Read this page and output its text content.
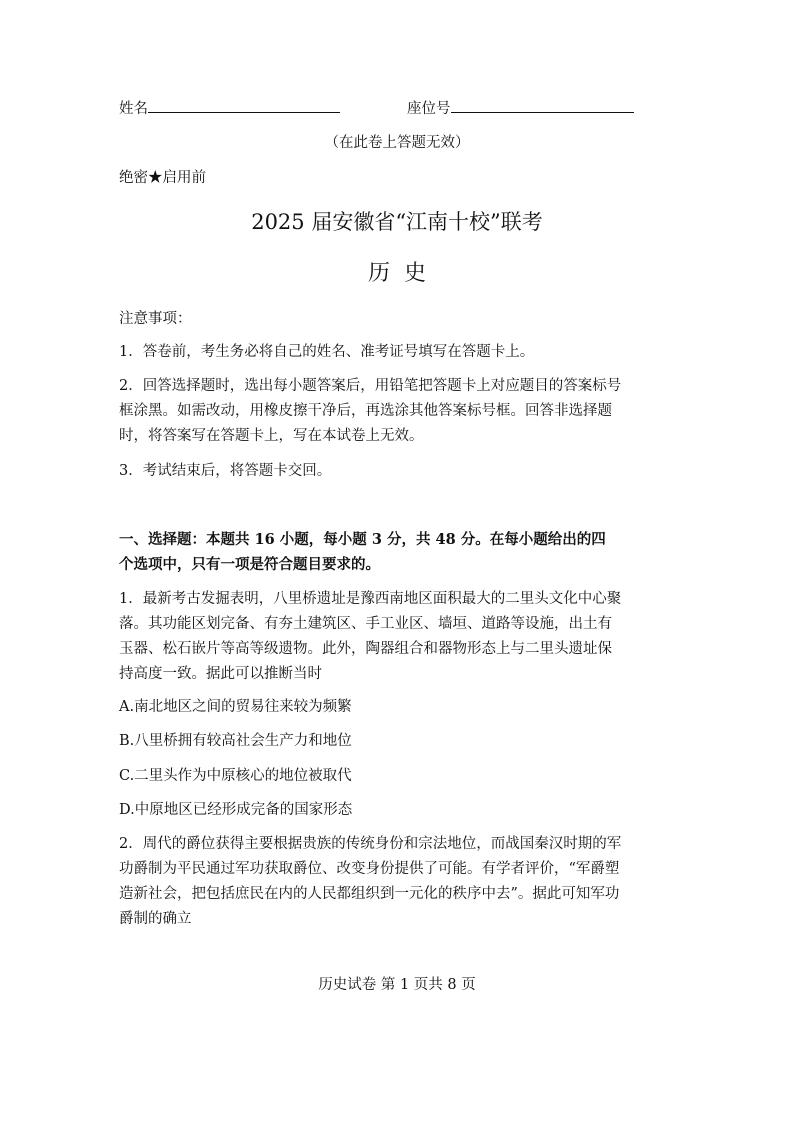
姓名	座位号
（在此卷上答题无效）
绝密★启用前
2025 届安徽省“江南十校”联考
历史
注意事项：
1．答卷前，考生务必将自己的姓名、准考证号填写在答题卡上。
2．回答选择题时，选出每小题答案后，用铅笔把答题卡上对应题目的答案标号
框涂黑。如需改动，用橡皮擦干净后，再选涂其他答案标号框。回答非选择题
时，将答案写在答题卡上，写在本试卷上无效。
3．考试结束后，将答题卡交回。
一、选择题：本题共 16 小题，每小题 3 分，共 48 分。在每小题给出的四
个选项中，只有一项是符合题目要求的。
1．最新考古发掘表明，八里桥遗址是豫西南地区面积最大的二里头文化中心聚
落。其功能区划完备、有夯土建筑区、手工业区、墙垣、道路等设施，出土有
玉器、松石嵌片等高等级遗物。此外，陶器组合和器物形态上与二里头遗址保
持高度一致。据此可以推断当时
A.南北地区之间的贸易往来较为频繁
B.八里桥拥有较高社会生产力和地位
C.二里头作为中原核心的地位被取代
D.中原地区已经形成完备的国家形态
2．周代的爵位获得主要根据贵族的传统身份和宗法地位，而战国秦汉时期的军
功爵制为平民通过军功获取爵位、改变身份提供了可能。有学者评价，“军爵塑
造新社会，把包括庶民在内的人民都组织到一元化的秩序中去”。据此可知军功
爵制的确立
历史试卷 第 1 页共 8 页
